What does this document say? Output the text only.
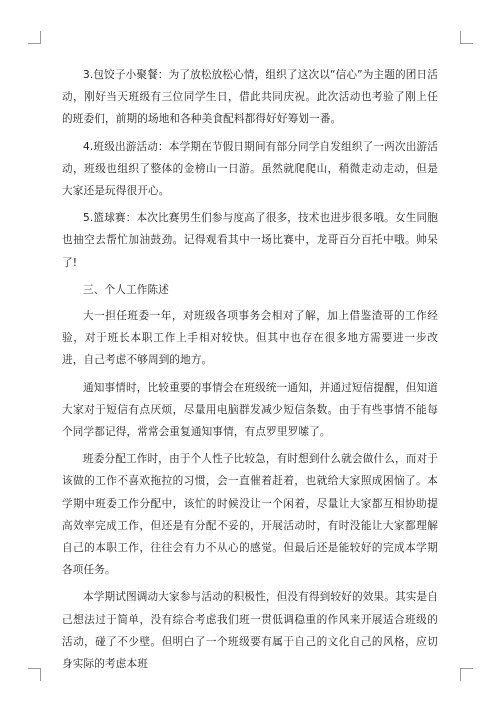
3.包饺子小聚餐：为了放松放松心情，组织了这次以“信心”为主题的团日活动，刚好当天班级有三位同学生日，借此共同庆祝。此次活动也考验了刚上任的班委们，前期的场地和各种美食配料都得好好筹划一番。

4.班级出游活动：本学期在节假日期间有部分同学自发组织了一两次出游活动，班级也组织了整体的金榜山一日游。虽然就爬爬山，稍微走动走动，但是大家还是玩得很开心。

5.篮球赛：本次比赛男生们参与度高了很多，技术也进步很多哦。女生同胞也抽空去帮忙加油鼓劲。记得观看其中一场比赛中，龙哥百分百托中哦。帅呆了!

三、个人工作陈述

大一担任班委一年，对班级各项事务会相对了解，加上借鉴渣哥的工作经验，对于班长本职工作上手相对较快。但其中也存在很多地方需要进一步改进，自己考虑不够周到的地方。

通知事情时，比较重要的事情会在班级统一通知，并通过短信提醒，但知道大家对于短信有点厌烦，尽量用电脑群发减少短信条数。由于有些事情不能每个同学都记得，常常会重复通知事情，有点罗里罗嗦了。

班委分配工作时，由于个人性子比较急，有时想到什么就会做什么，而对于该做的工作不喜欢拖拉的习惯，会一直催着赶着，也就给大家照成困恼了。本学期中班委工作分配中，该忙的时候没让一个闲着，尽量让大家都互相协助提高效率完成工作，但还是有分配不妥的，开展活动时，有时没能让大家都理解自己的本职工作，往往会有力不从心的感觉。但最后还是能较好的完成本学期各项任务。

本学期试图调动大家参与活动的积极性，但没有得到较好的效果。其实是自己想法过于简单，没有综合考虑我们班一贯低调稳重的作风来开展适合班级的活动，碰了不少壁。但明白了一个班级要有属于自己的文化自己的风格，应切身实际的考虑本班
